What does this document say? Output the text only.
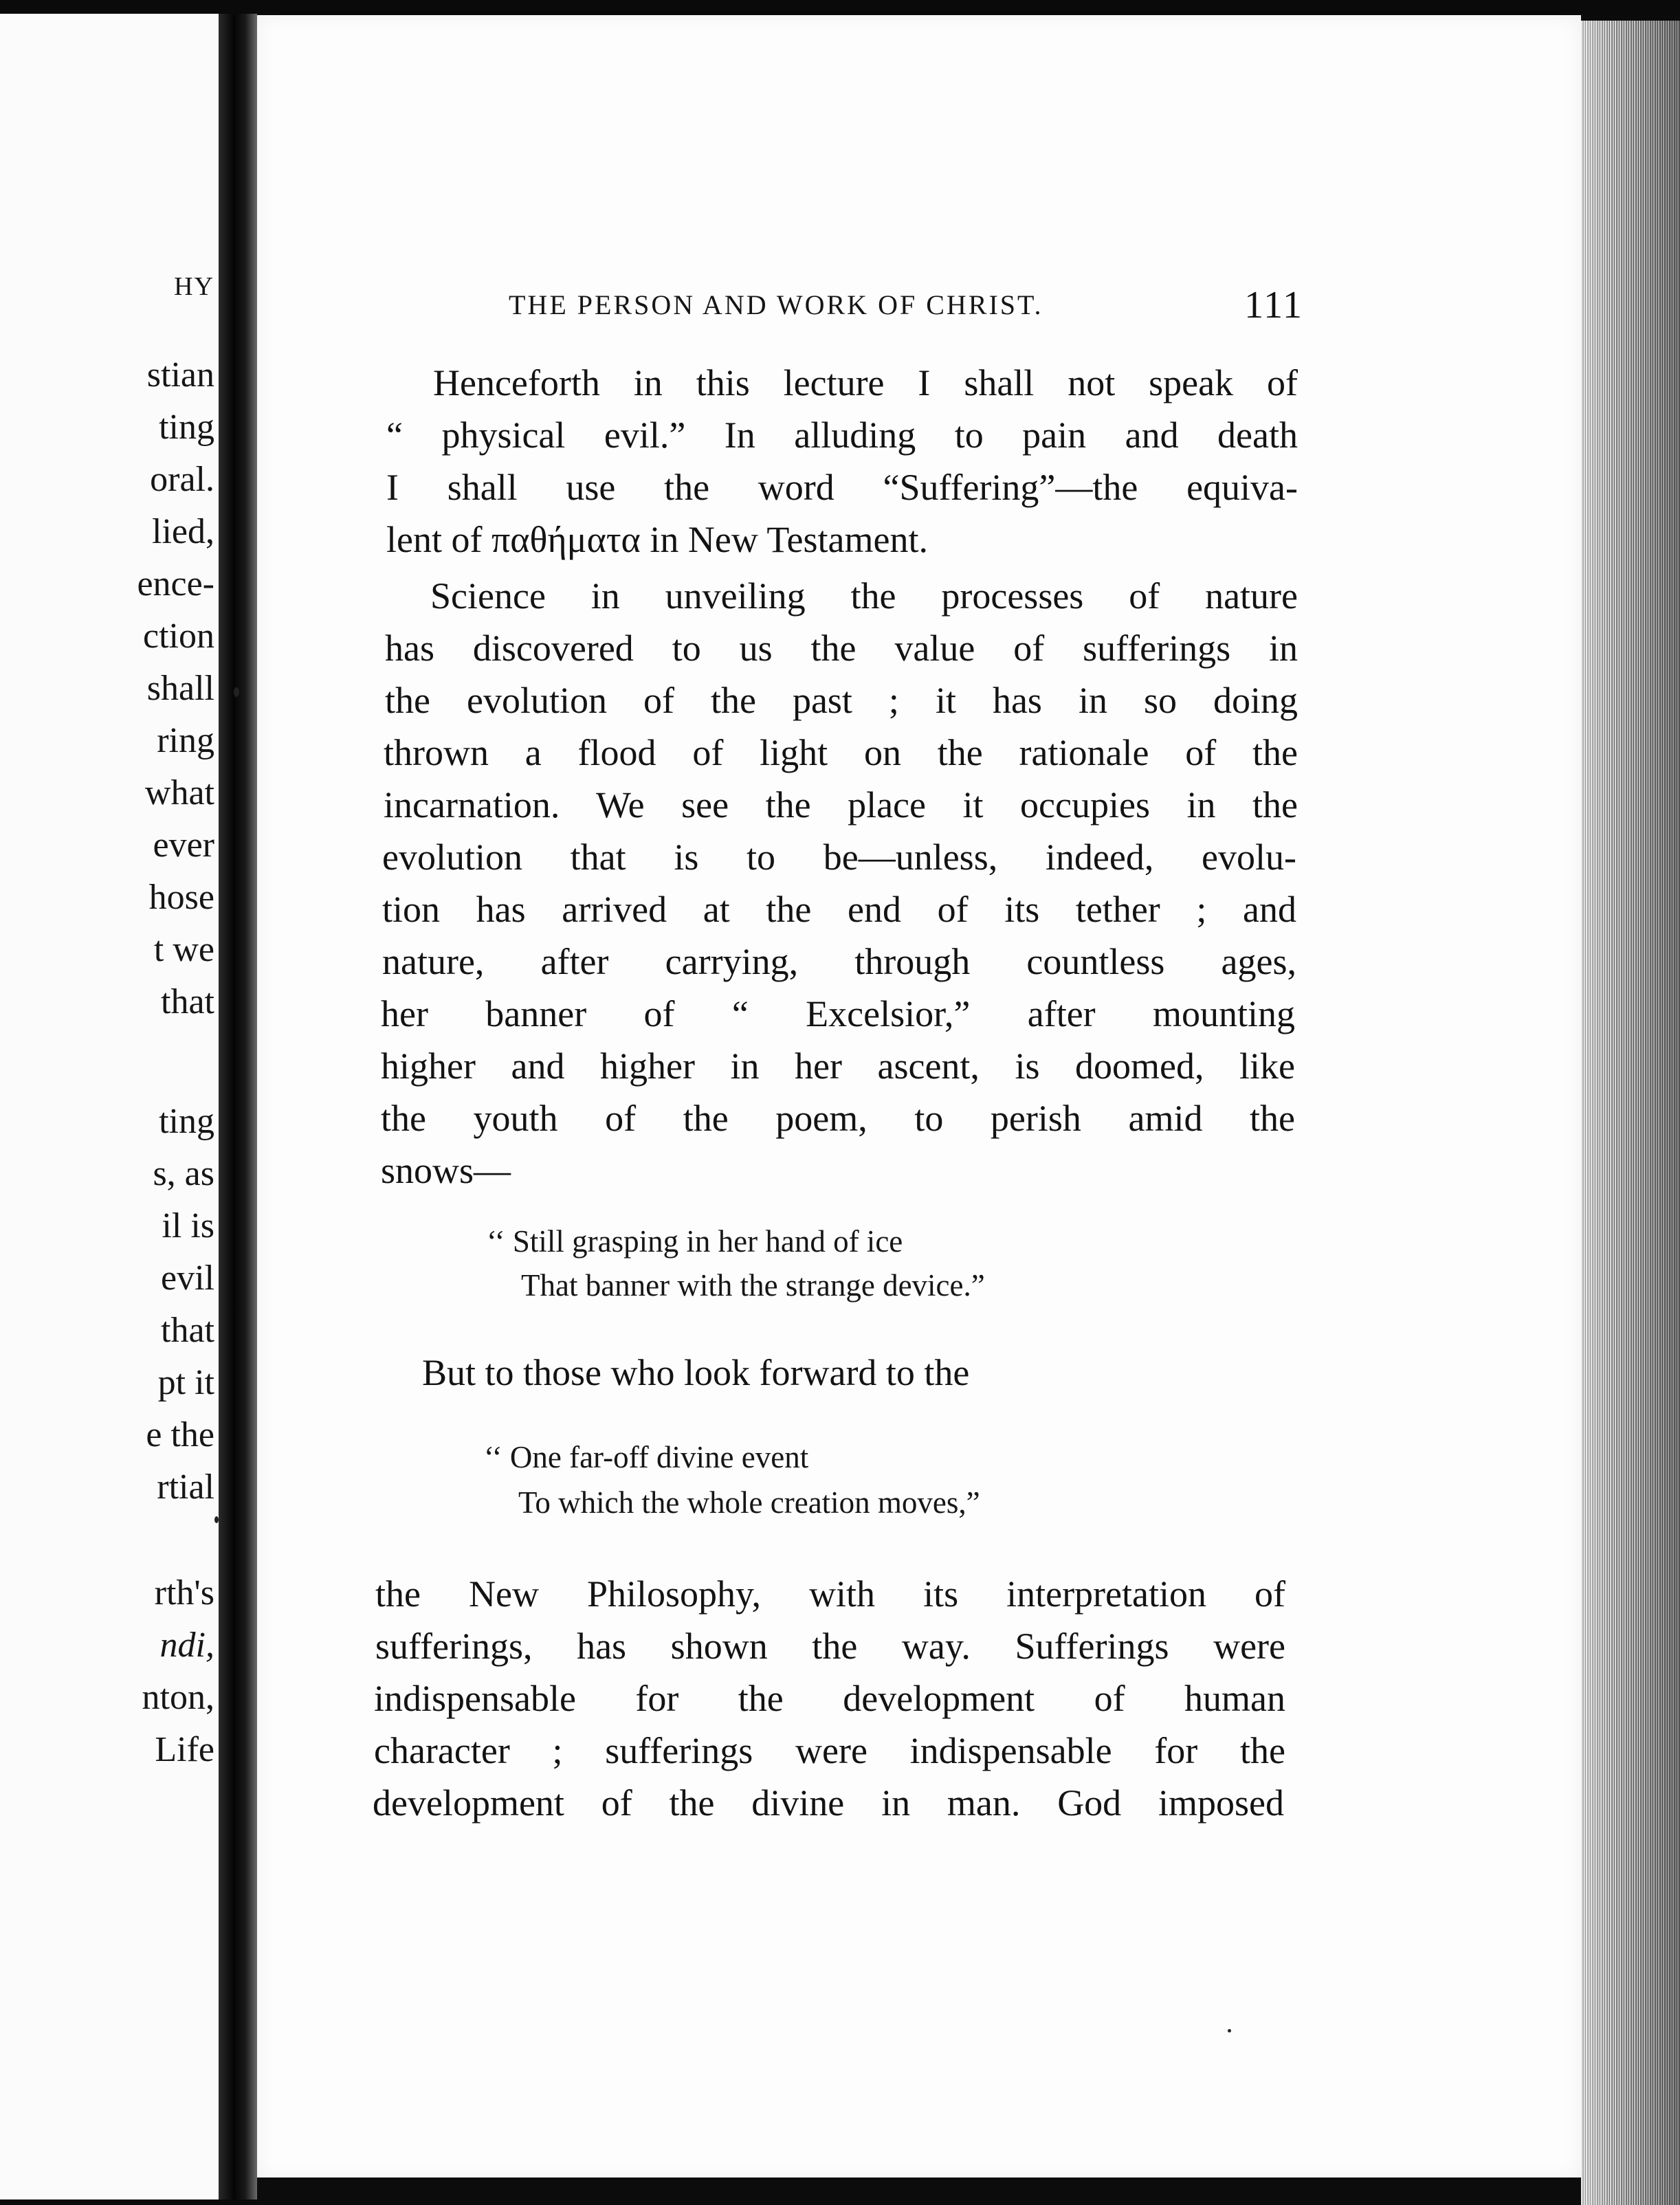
HY
stian
ting
oral.
lied,
ence-
ction
shall
ring
what
ever
hose
t we
that
ting
s, as
il is
evil
that
pt it
e the
rtial
rth's
ndi,
nton,
Life
THE PERSON AND WORK OF CHRIST.	111
Henceforth in this lecture I shall not speak of
“ physical evil.” In alluding to pain and death
I shall use the word “Suffering”—the equiva-
lent of παθήματα in New Testament.
Science in unveiling the processes of nature
has discovered to us the value of sufferings in
the evolution of the past ; it has in so doing
thrown a flood of light on the rationale of the
incarnation. We see the place it occupies in the
evolution that is to be—unless, indeed, evolu-
tion has arrived at the end of its tether ; and
nature, after carrying, through countless ages,
her banner of “ Excelsior,” after mounting
higher and higher in her ascent, is doomed, like
the youth of the poem, to perish amid the
snows—
‘‘ Still grasping in her hand of ice
That banner with the strange device.”
But to those who look forward to the
‘‘ One far-off divine event
To which the whole creation moves,”
the New Philosophy, with its interpretation of
sufferings, has shown the way. Sufferings were
indispensable for the development of human
character ; sufferings were indispensable for the
development of the divine in man. God imposed
